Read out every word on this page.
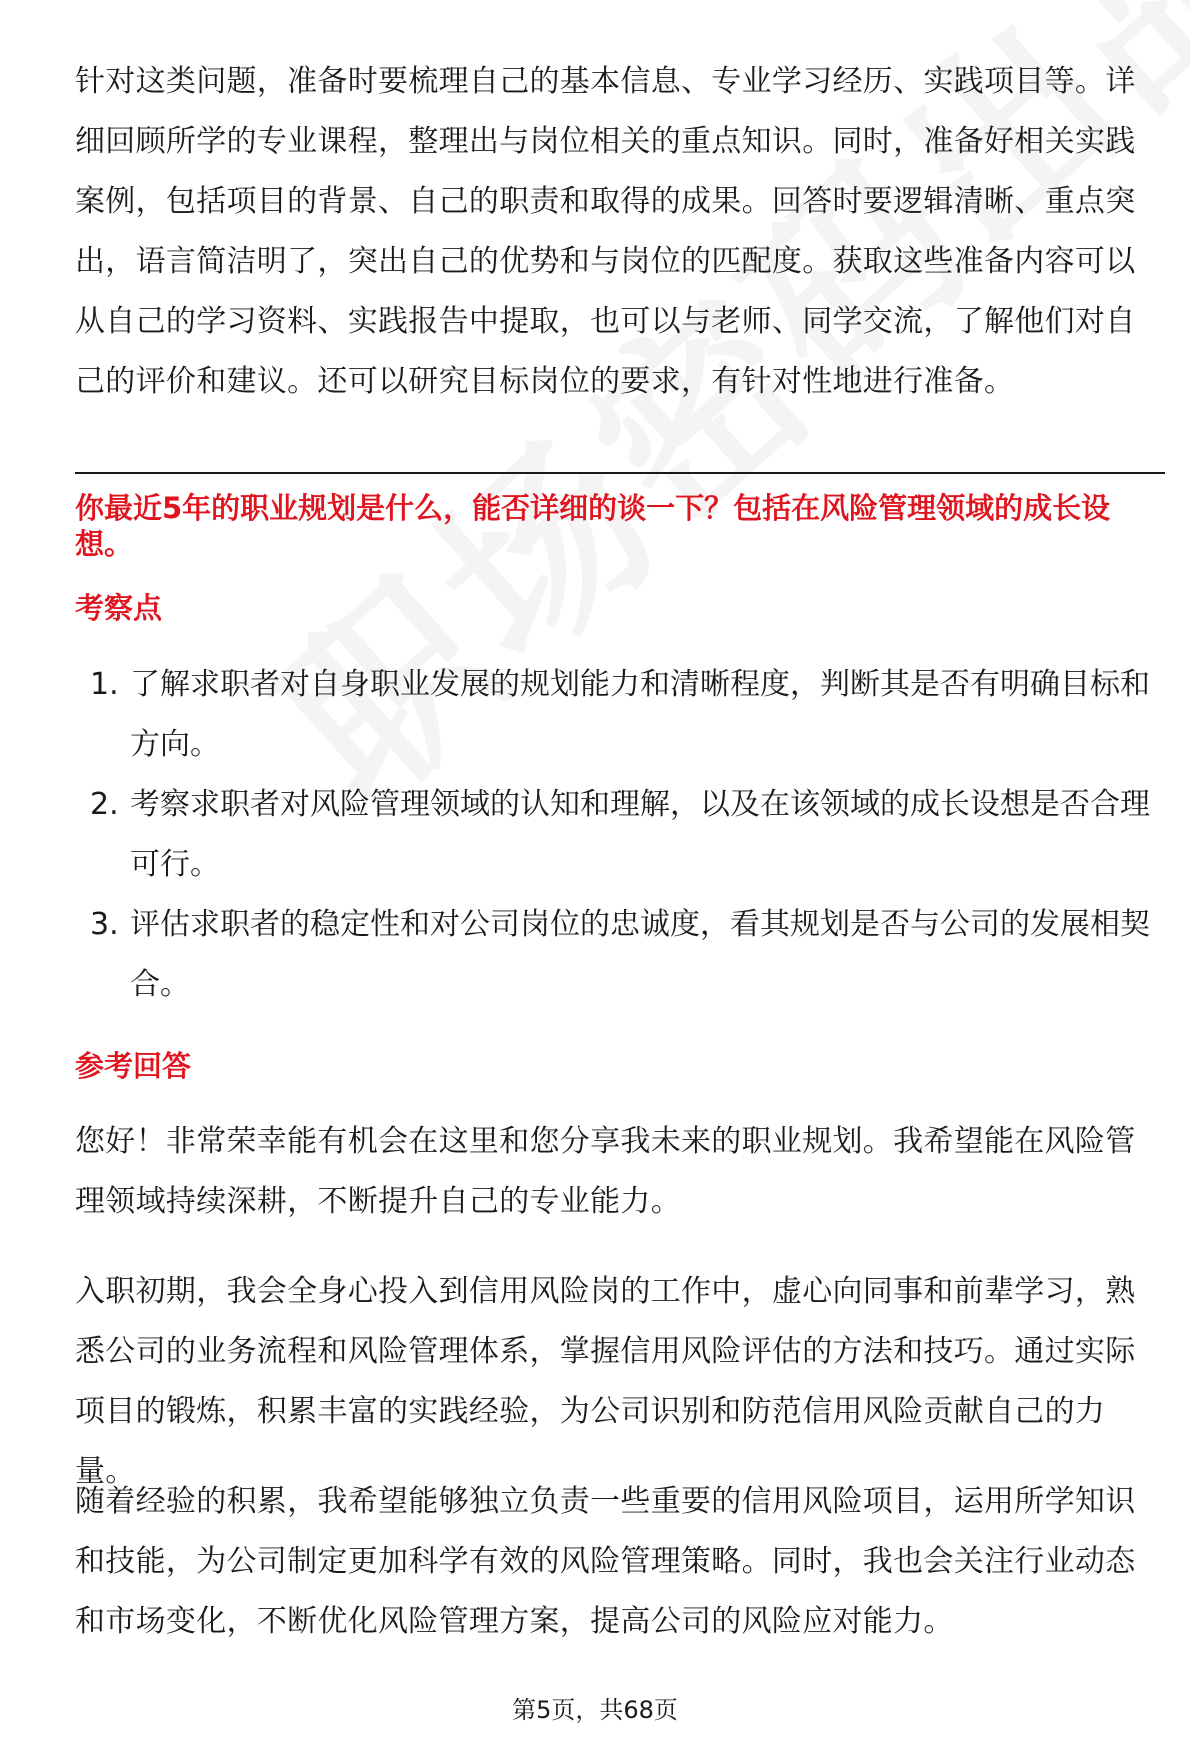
针对这类问题，准备时要梳理自己的基本信息、专业学习经历、实践项目等。详细回顾所学的专业课程，整理出与岗位相关的重点知识。同时，准备好相关实践案例，包括项目的背景、自己的职责和取得的成果。回答时要逻辑清晰、重点突出，语言简洁明了，突出自己的优势和与岗位的匹配度。获取这些准备内容可以从自己的学习资料、实践报告中提取，也可以与老师、同学交流，了解他们对自己的评价和建议。还可以研究目标岗位的要求，有针对性地进行准备。

你最近5年的职业规划是什么，能否详细的谈一下？包括在风险管理领域的成长设想。

考察点

1. 了解求职者对自身职业发展的规划能力和清晰程度，判断其是否有明确目标和方向。
2. 考察求职者对风险管理领域的认知和理解，以及在该领域的成长设想是否合理可行。
3. 评估求职者的稳定性和对公司岗位的忠诚度，看其规划是否与公司的发展相契合。

参考回答

您好！非常荣幸能有机会在这里和您分享我未来的职业规划。我希望能在风险管理领域持续深耕，不断提升自己的专业能力。

入职初期，我会全身心投入到信用风险岗的工作中，虚心向同事和前辈学习，熟悉公司的业务流程和风险管理体系，掌握信用风险评估的方法和技巧。通过实际项目的锻炼，积累丰富的实践经验，为公司识别和防范信用风险贡献自己的力量。

随着经验的积累，我希望能够独立负责一些重要的信用风险项目，运用所学知识和技能，为公司制定更加科学有效的风险管理策略。同时，我也会关注行业动态和市场变化，不断优化风险管理方案，提高公司的风险应对能力。

第5页，共68页
